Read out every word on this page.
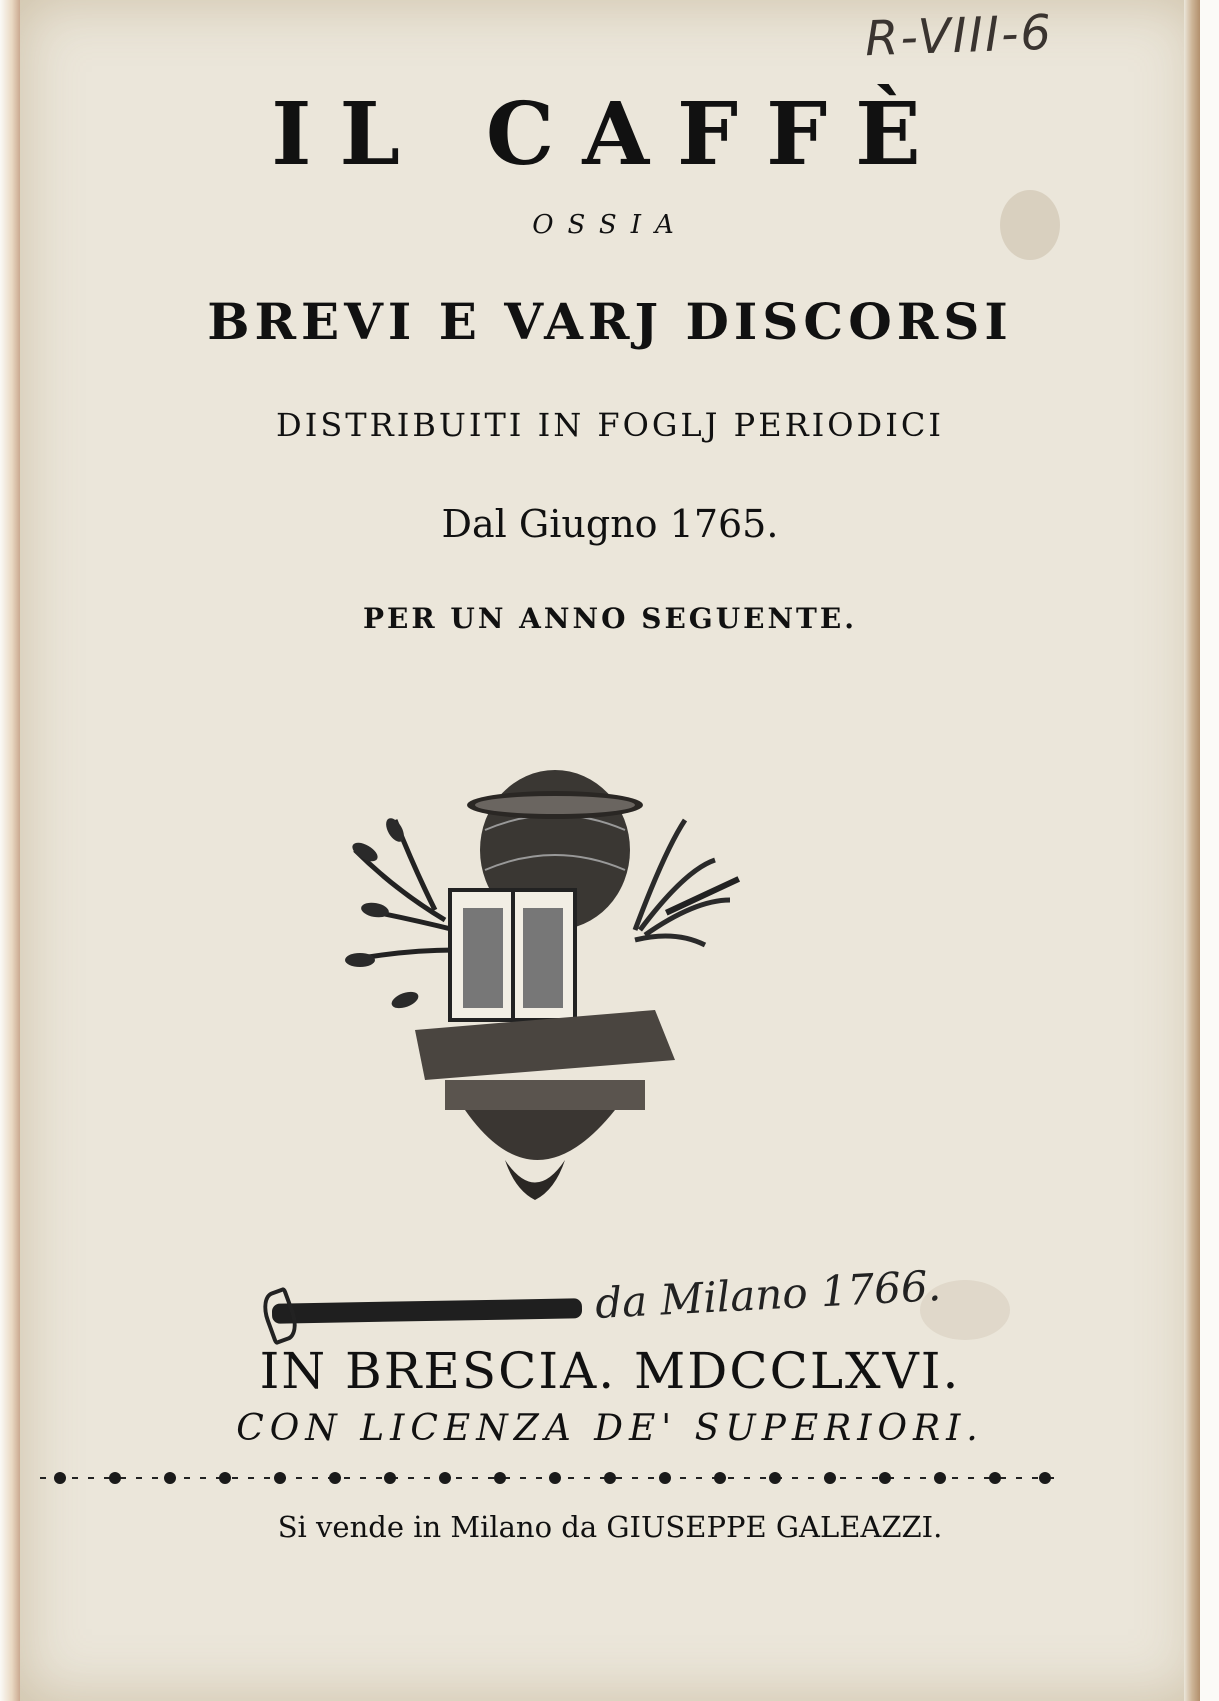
R-VIII-6
IL CAFFÈ
OSSIA
BREVI E VARJ DISCORSI
DISTRIBUITI IN FOGLJ PERIODICI
Dal Giugno 1765.
PER UN ANNO SEGUENTE.
da Milano 1766.
IN BRESCIA. MDCCLXVI.
CON LICENZA DE' SUPERIORI.
Si vende in Milano da GIUSEPPE GALEAZZI.
